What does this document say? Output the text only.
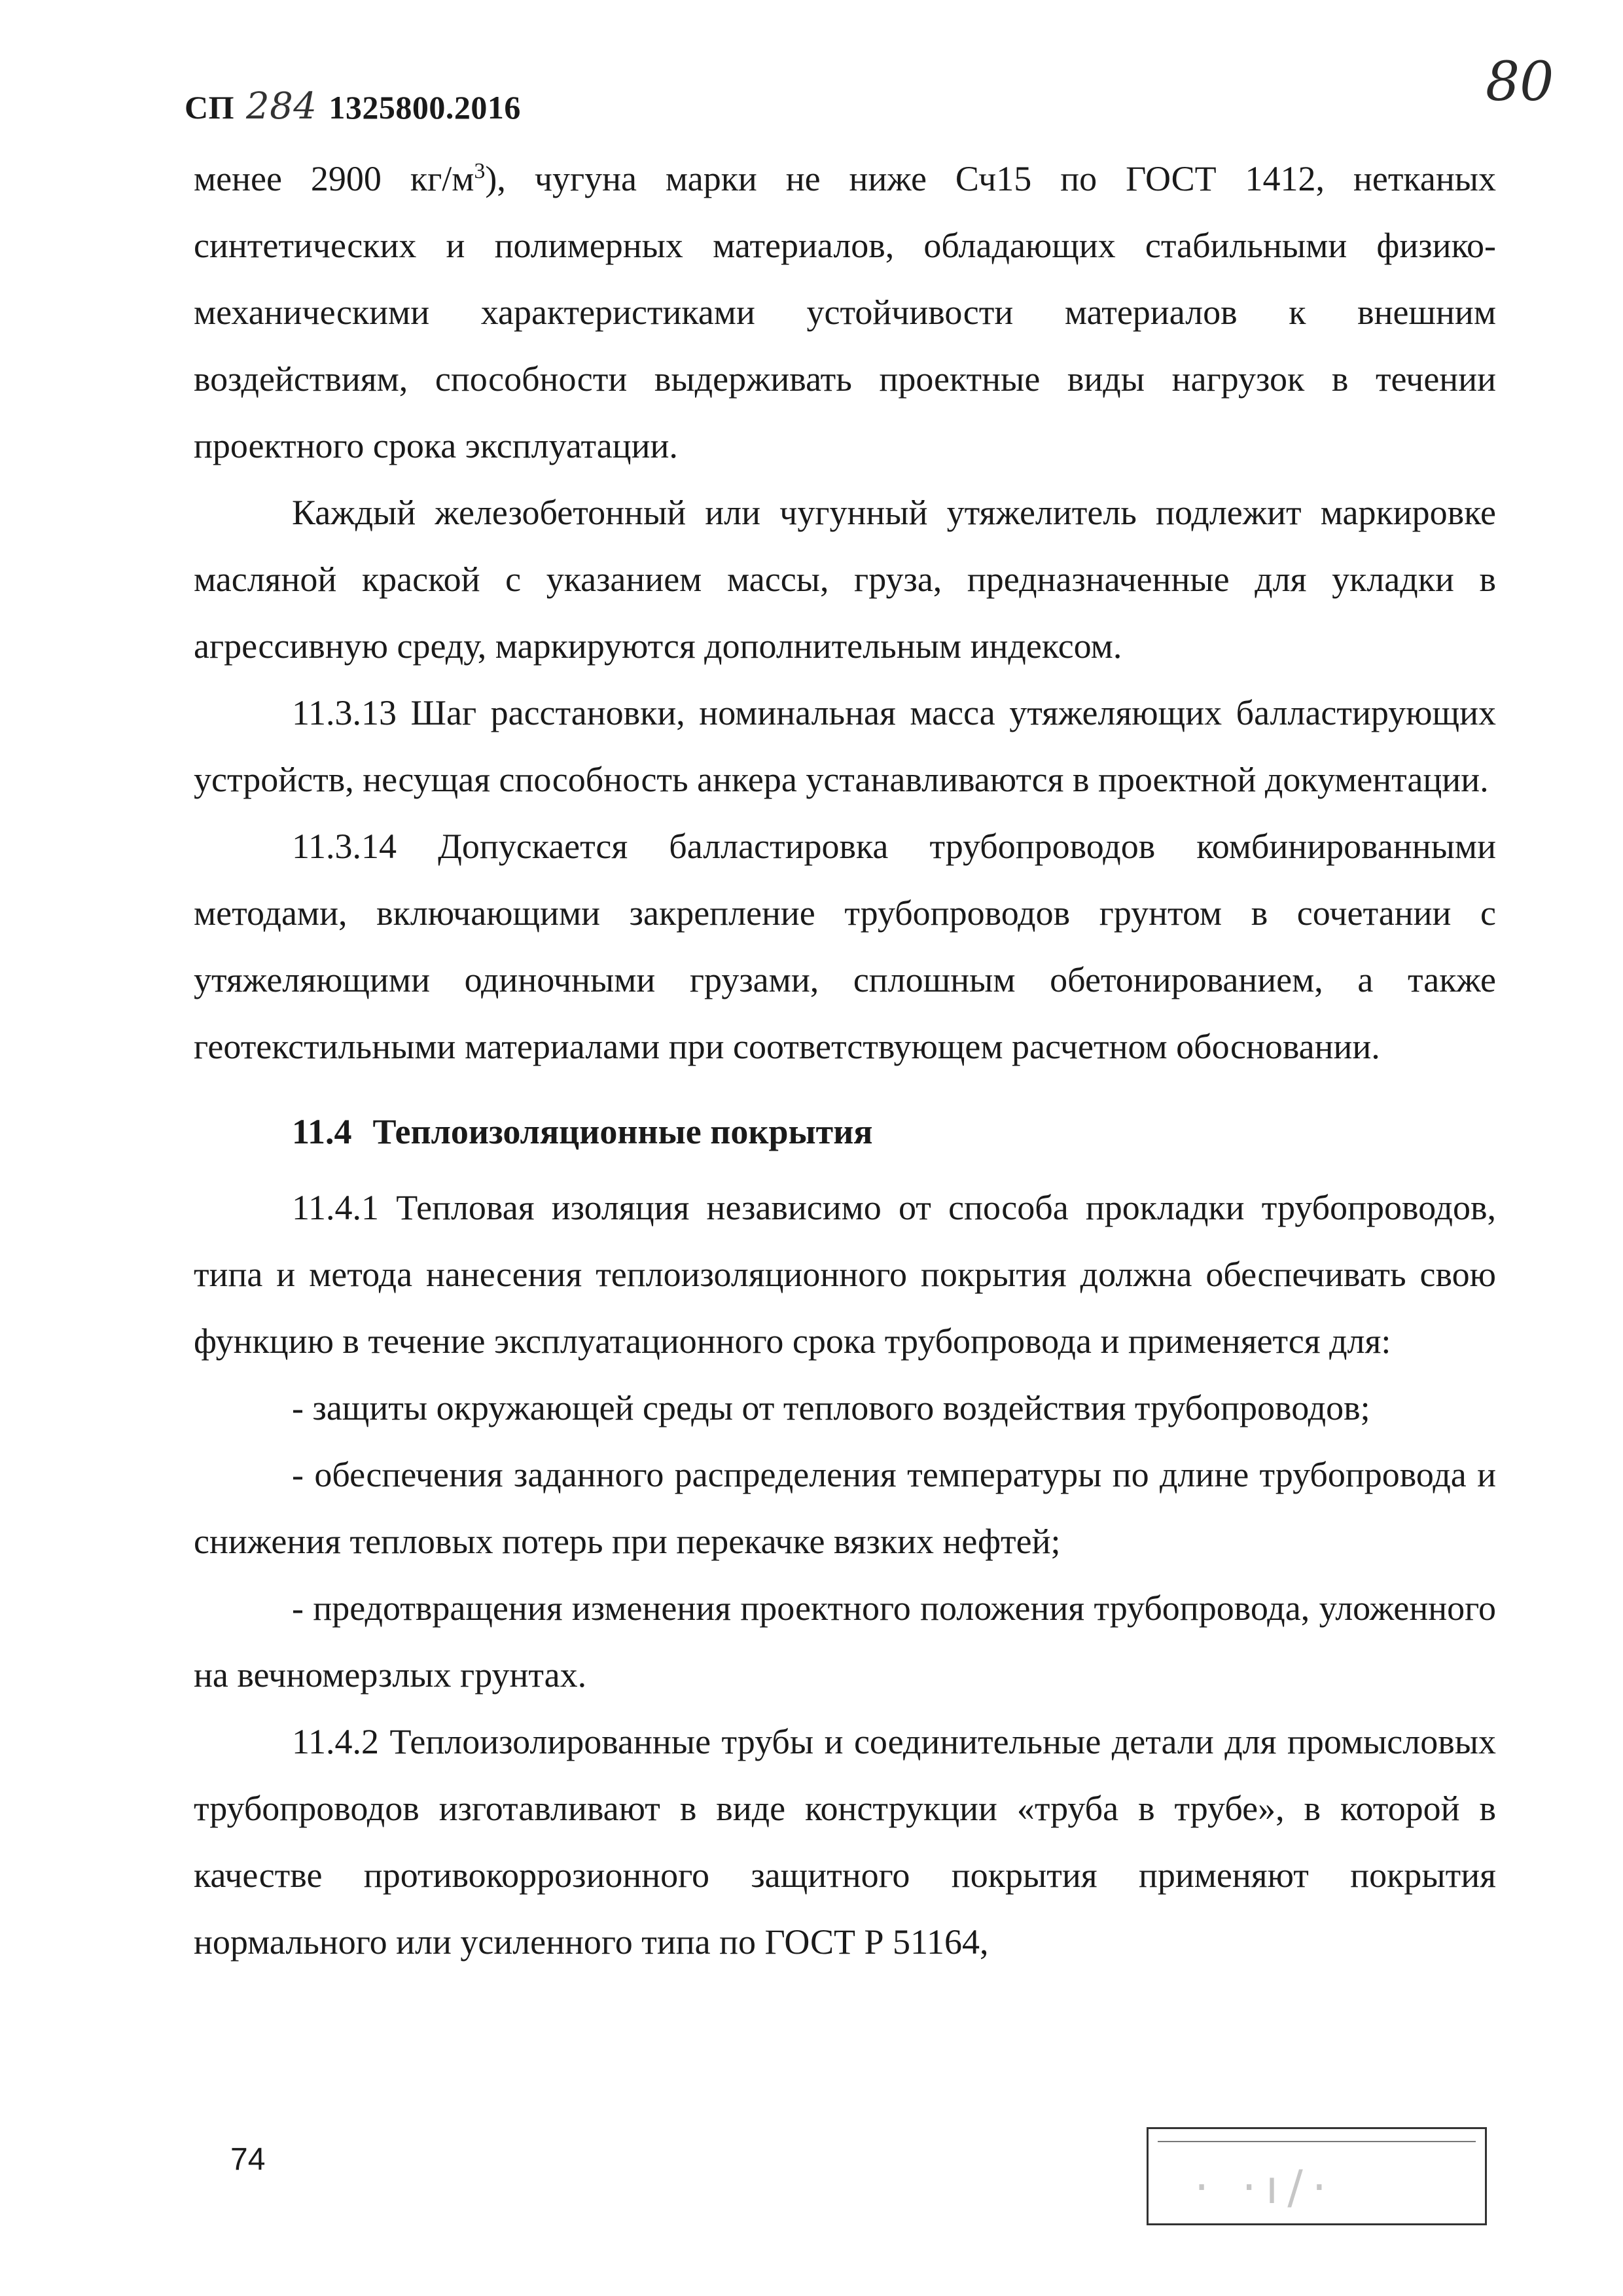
СП 284 1325800.2016	80

менее 2900 $кг/м^3$), чугуна марки не ниже Сч15 по ГОСТ 1412, нетканых синтетических и полимерных материалов, обладающих стабильными физико-механическими характеристиками устойчивости материалов к внешним воздействиям, способности выдерживать проектные виды нагрузок в течении проектного срока эксплуатации.

Каждый железобетонный или чугунный утяжелитель подлежит маркировке масляной краской с указанием массы, груза, предназначенные для укладки в агрессивную среду, маркируются дополнительным индексом.

11.3.13 Шаг расстановки, номинальная масса утяжеляющих балластирующих устройств, несущая способность анкера устанавливаются в проектной документации.

11.3.14 Допускается балластировка трубопроводов комбинированными методами, включающими закрепление трубопроводов грунтом в сочетании с утяжеляющими одиночными грузами, сплошным обетонированием, а также геотекстильными материалами при соответствующем расчетном обосновании.

11.4 Теплоизоляционные покрытия

11.4.1 Тепловая изоляция независимо от способа прокладки трубопроводов, типа и метода нанесения теплоизоляционного покрытия должна обеспечивать свою функцию в течение эксплуатационного срока трубопровода и применяется для:

- защиты окружающей среды от теплового воздействия трубопроводов;

- обеспечения заданного распределения температуры по длине трубопровода и снижения тепловых потерь при перекачке вязких нефтей;

- предотвращения изменения проектного положения трубопровода, уложенного на вечномерзлых грунтах.

11.4.2 Теплоизолированные трубы и соединительные детали для промысловых трубопроводов изготавливают в виде конструкции «труба в трубе», в которой в качестве противокоррозионного защитного покрытия применяют покрытия нормального или усиленного типа по ГОСТ Р 51164,

74
· ·ı/·
